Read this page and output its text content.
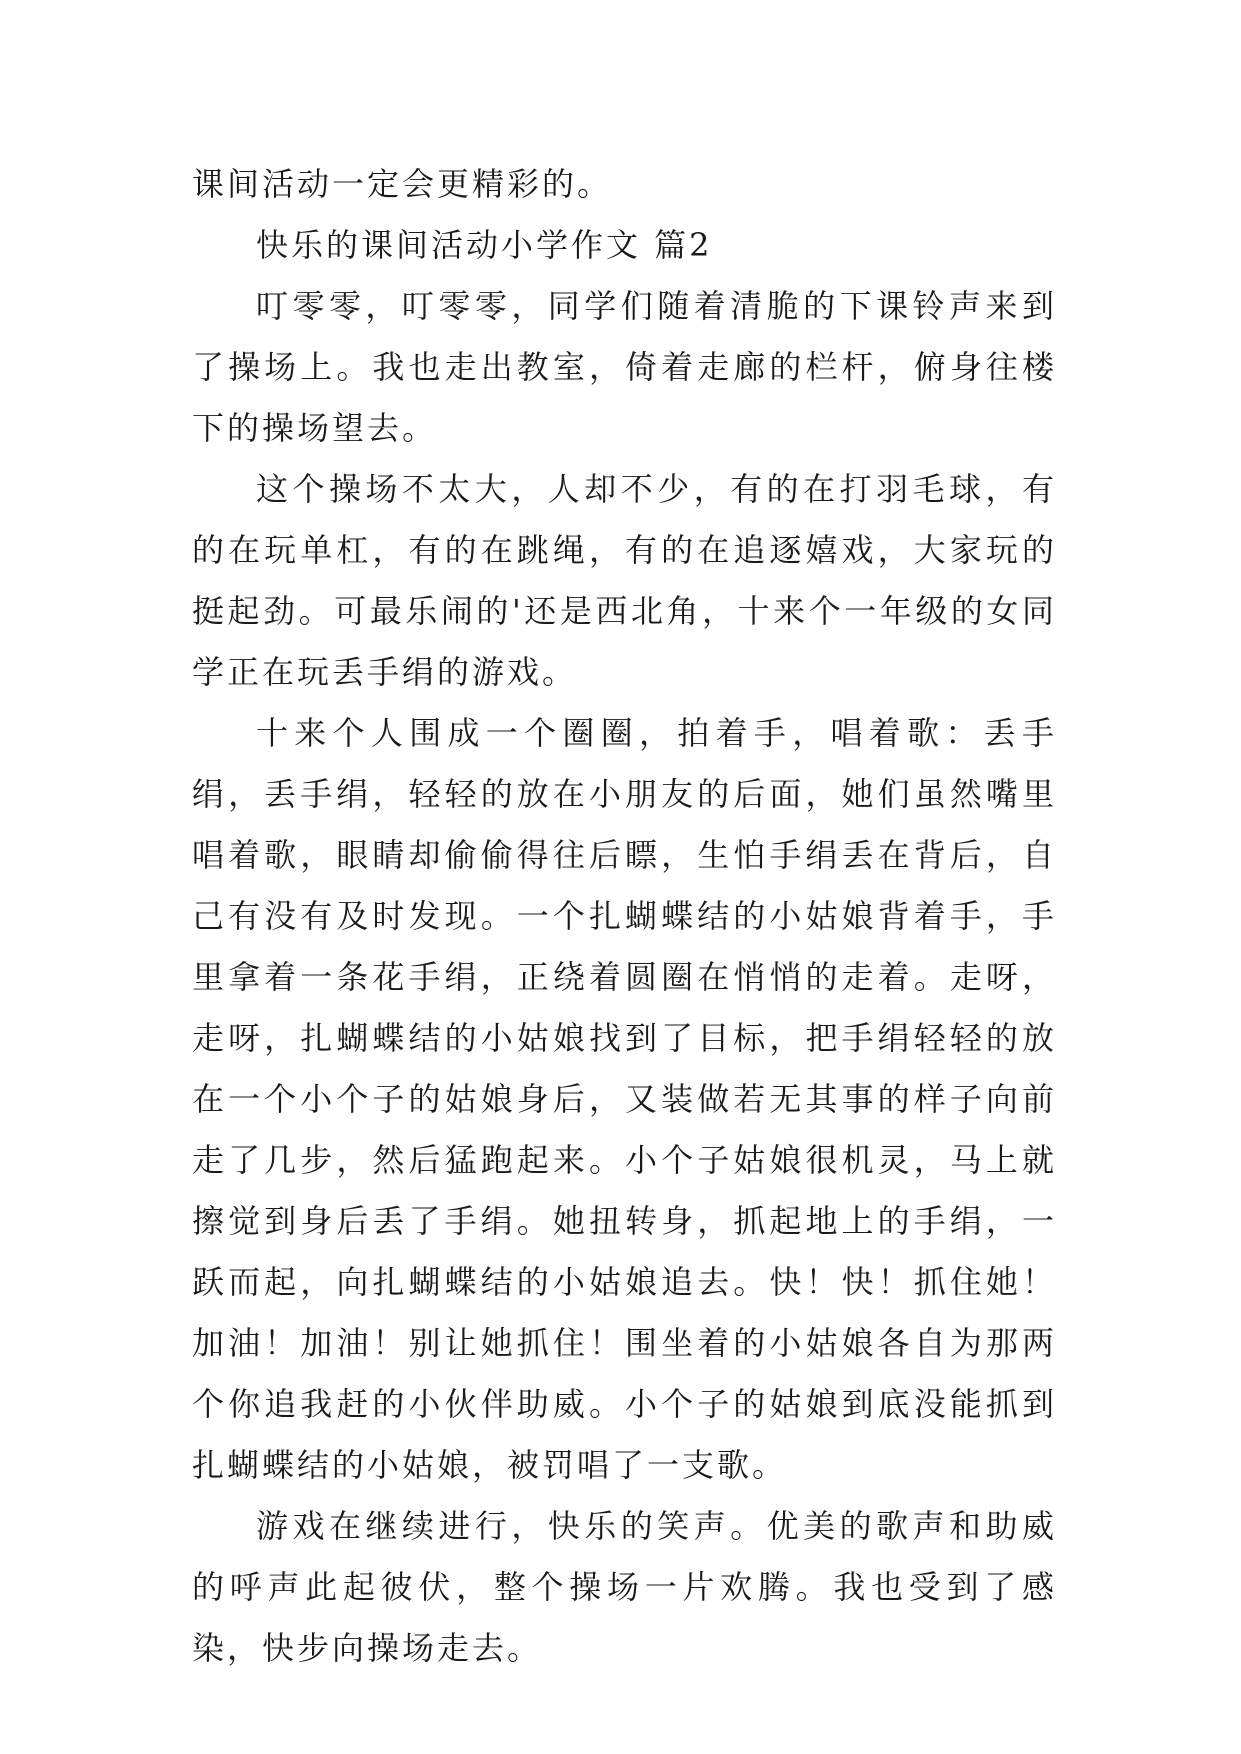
课间活动一定会更精彩的。

快乐的课间活动小学作文 篇2

叮零零，叮零零，同学们随着清脆的下课铃声来到了操场上。我也走出教室，倚着走廊的栏杆，俯身往楼下的操场望去。

这个操场不太大，人却不少，有的在打羽毛球，有的在玩单杠，有的在跳绳，有的在追逐嬉戏，大家玩的挺起劲。可最乐闹的'还是西北角，十来个一年级的女同学正在玩丢手绢的游戏。

十来个人围成一个圈圈，拍着手，唱着歌：丢手绢，丢手绢，轻轻的放在小朋友的后面，她们虽然嘴里唱着歌，眼睛却偷偷得往后瞟，生怕手绢丢在背后，自己有没有及时发现。一个扎蝴蝶结的小姑娘背着手，手里拿着一条花手绢，正绕着圆圈在悄悄的走着。走呀，走呀，扎蝴蝶结的小姑娘找到了目标，把手绢轻轻的放在一个小个子的姑娘身后，又装做若无其事的样子向前走了几步，然后猛跑起来。小个子姑娘很机灵，马上就擦觉到身后丢了手绢。她扭转身，抓起地上的手绢，一跃而起，向扎蝴蝶结的小姑娘追去。快！快！抓住她！加油！加油！别让她抓住！围坐着的小姑娘各自为那两个你追我赶的小伙伴助威。小个子的姑娘到底没能抓到扎蝴蝶结的小姑娘，被罚唱了一支歌。

游戏在继续进行，快乐的笑声。优美的歌声和助威的呼声此起彼伏，整个操场一片欢腾。我也受到了感染，快步向操场走去。
